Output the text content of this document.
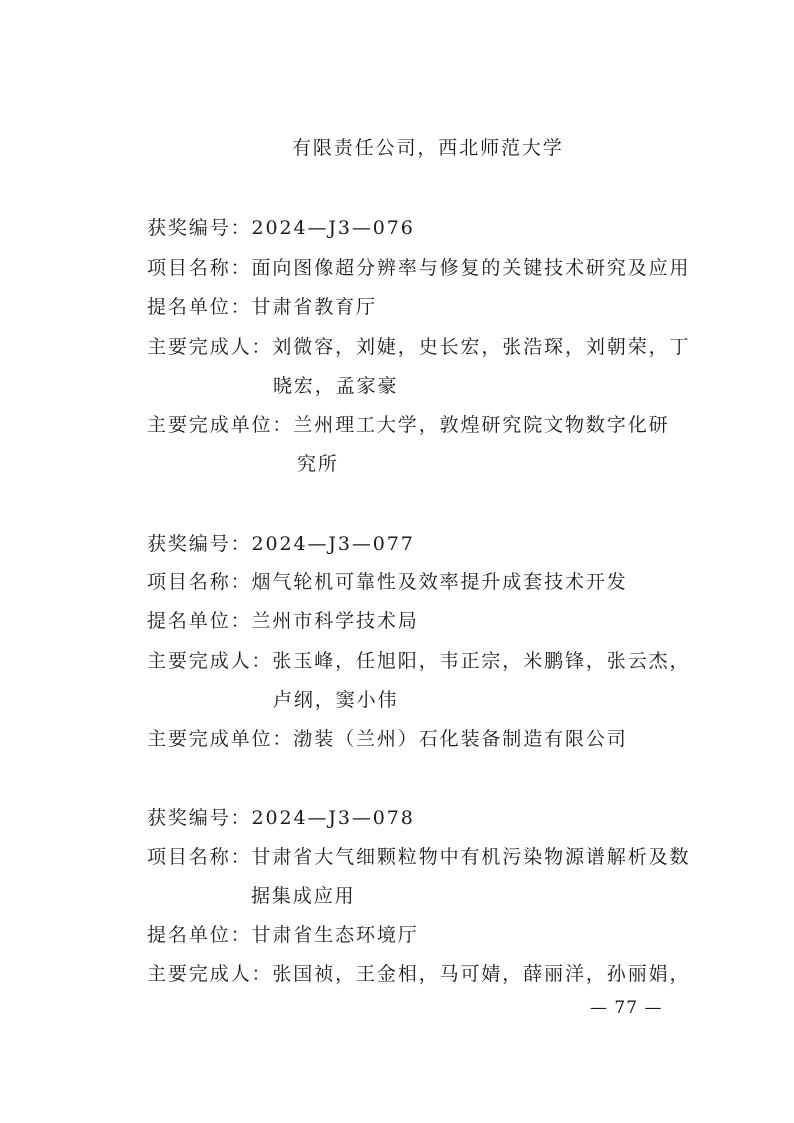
有限责任公司，西北师范大学
获奖编号：2024—J3—076
项目名称：面向图像超分辨率与修复的关键技术研究及应用
提名单位：甘肃省教育厅
主要完成人：刘微容，刘婕，史长宏，张浩琛，刘朝荣，丁
晓宏，孟家豪
主要完成单位：兰州理工大学，敦煌研究院文物数字化研
究所
获奖编号：2024—J3—077
项目名称：烟气轮机可靠性及效率提升成套技术开发
提名单位：兰州市科学技术局
主要完成人：张玉峰，任旭阳，韦正宗，米鹏锋，张云杰，
卢纲，窦小伟
主要完成单位：渤装（兰州）石化装备制造有限公司
获奖编号：2024—J3—078
项目名称：甘肃省大气细颗粒物中有机污染物源谱解析及数
据集成应用
提名单位：甘肃省生态环境厅
主要完成人：张国祯，王金相，马可婧，薛丽洋，孙丽娟，
— 77 —
